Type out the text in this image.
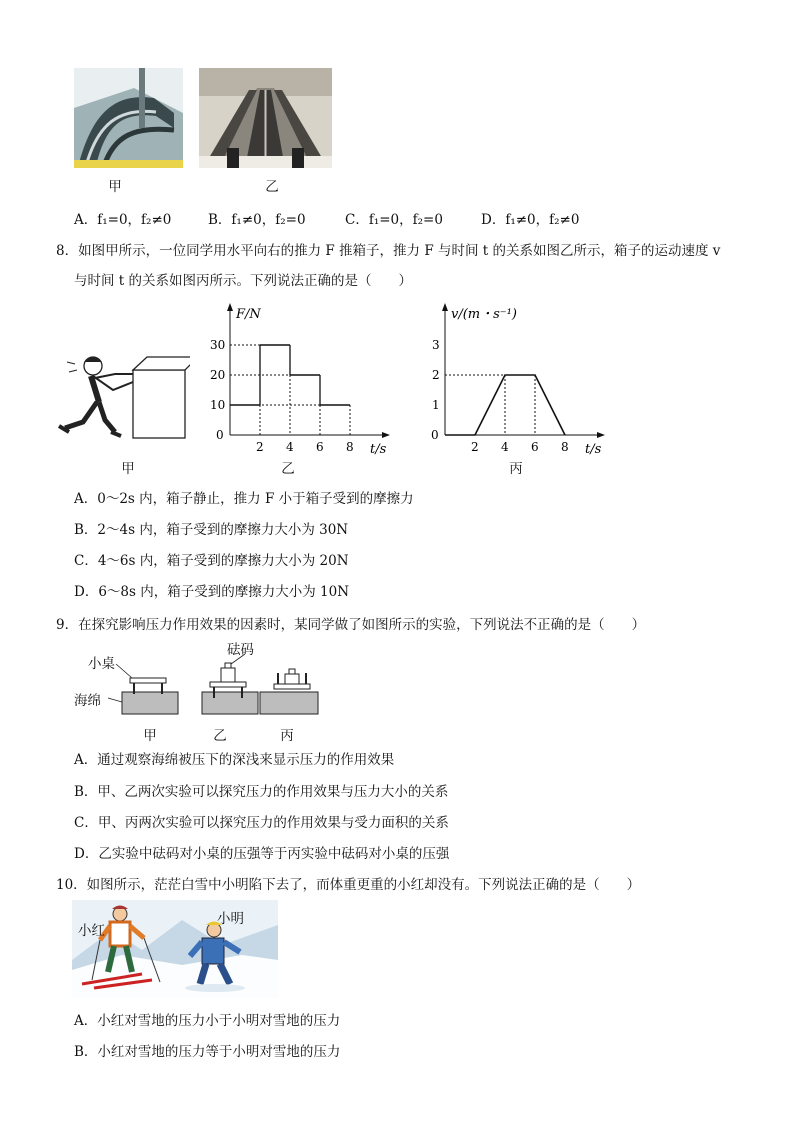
甲	乙
A．f₁=0，f₂≠0	B．f₁≠0，f₂=0	C．f₁=0，f₂=0	D．f₁≠0，f₂≠0
8．如图甲所示，一位同学用水平向右的推力 F 推箱子，推力 F 与时间 t 的关系如图乙所示，箱子的运动速度 v
与时间 t 的关系如图丙所示。下列说法正确的是（　　）
甲
F/N
t/s
0
2 4 6 8
10
20
30
乙
v/(m・s⁻¹)
t/s
0
2 4 6 8
1
2
3
丙
A．0～2s 内，箱子静止，推力 F 小于箱子受到的摩擦力
B．2～4s 内，箱子受到的摩擦力大小为 30N
C．4～6s 内，箱子受到的摩擦力大小为 20N
D．6～8s 内，箱子受到的摩擦力大小为 10N
9．在探究影响压力作用效果的因素时，某同学做了如图所示的实验，下列说法不正确的是（　　）
小桌
砝码
海绵
甲	乙	丙
A．通过观察海绵被压下的深浅来显示压力的作用效果
B．甲、乙两次实验可以探究压力的作用效果与压力大小的关系
C．甲、丙两次实验可以探究压力的作用效果与受力面积的关系
D．乙实验中砝码对小桌的压强等于丙实验中砝码对小桌的压强
10．如图所示，茫茫白雪中小明陷下去了，而体重更重的小红却没有。下列说法正确的是（　　）
小红
小明
A．小红对雪地的压力小于小明对雪地的压力
B．小红对雪地的压力等于小明对雪地的压力
